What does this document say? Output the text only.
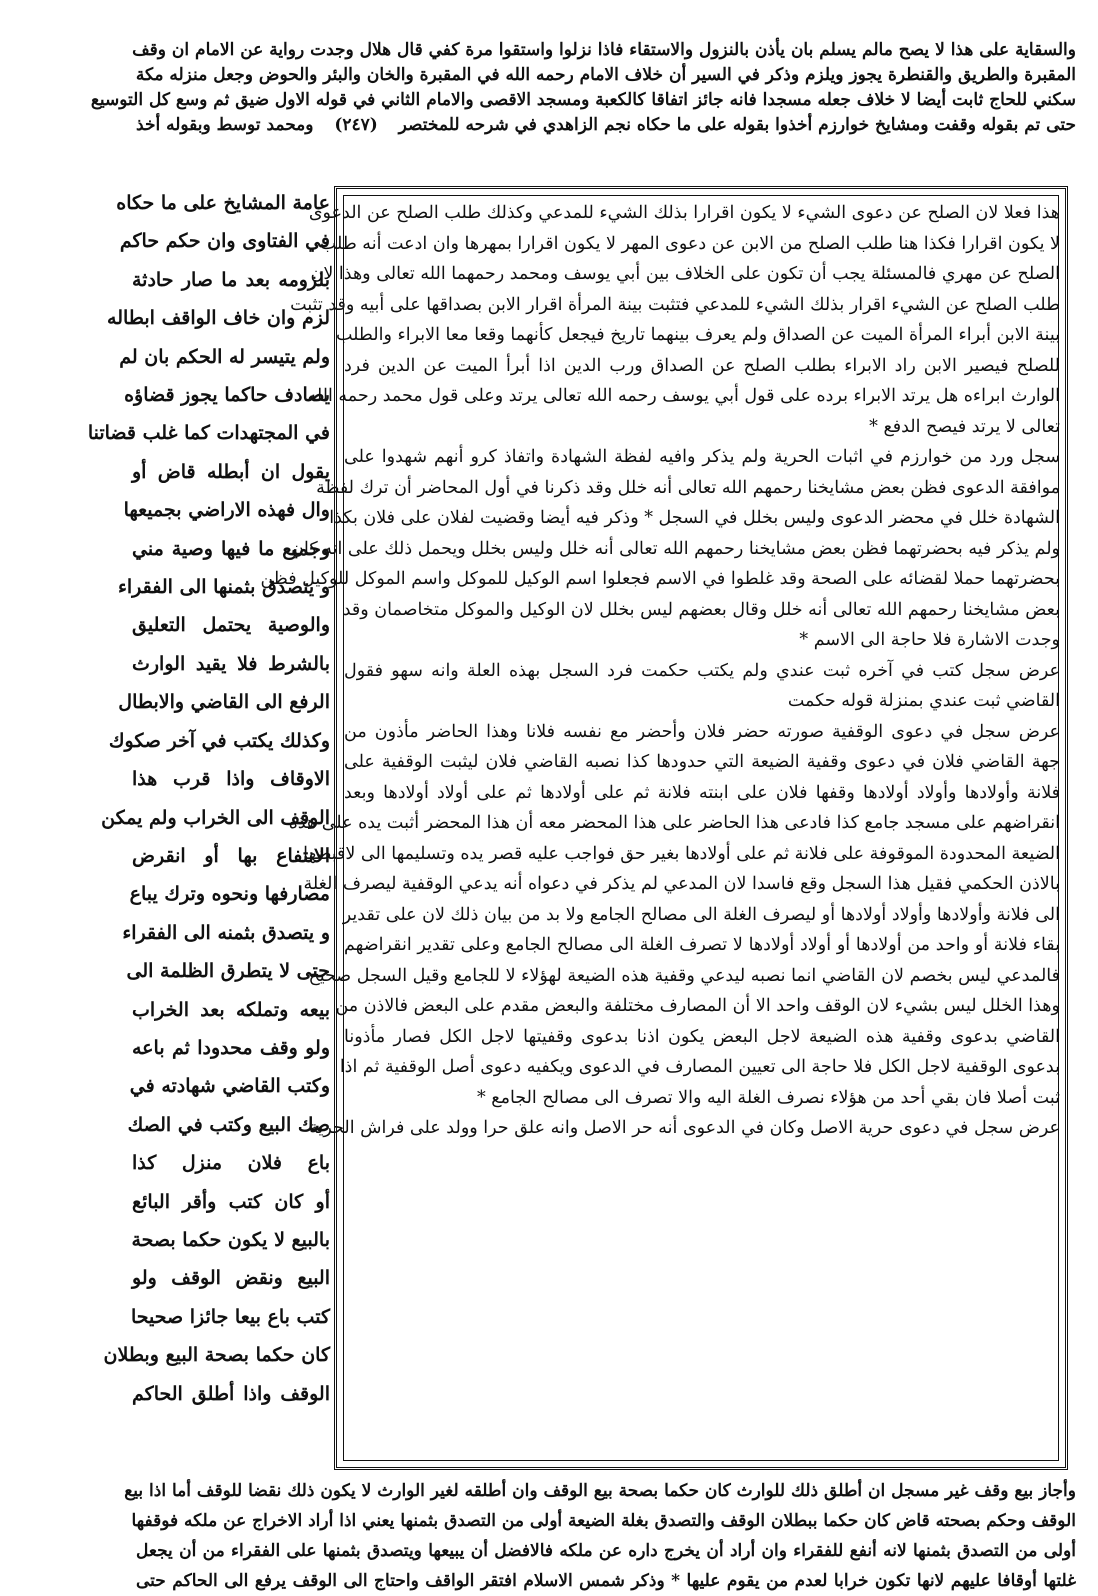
والسقاية على هذا لا يصح مالم يسلم بان يأذن بالنزول والاستقاء فاذا نزلوا واستقوا مرة كفي قال هلال وجدت رواية عن الامام ان وقف
المقبرة والطريق والقنطرة يجوز ويلزم وذكر في السير أن خلاف الامام رحمه الله في المقبرة والخان والبئر والحوض وجعل منزله مكة
سكني للحاج ثابت أيضا لا خلاف جعله مسجدا فانه جائز اتفاقا كالكعبة ومسجد الاقصى والامام الثاني في قوله الاول ضيق ثم وسع كل التوسيع
حتى تم بقوله وقفت ومشايخ خوارزم أخذوا بقوله على ما حكاه نجم الزاهدي في شرحه للمختصر
(٢٤٧)
ومحمد توسط وبقوله أخذ
عامة المشايخ على ما حكاه
في الفتاوى وان حكم حاكم
بلزومه بعد ما صار حادثة
لزم وان خاف الواقف ابطاله
ولم يتيسر له الحكم بان لم
يصادف حاكما يجوز قضاؤه
في المجتهدات كما غلب قضاتنا
يقول ان أبطله قاض أو
وال فهذه الاراضي بجميعها
وجميع ما فيها وصية مني
و يتصدق بثمنها الى الفقراء
والوصية يحتمل التعليق
بالشرط فلا يقيد الوارث
الرفع الى القاضي والابطال
وكذلك يكتب في آخر صكوك
الاوقاف واذا قرب هذا
الوقف الى الخراب ولم يمكن
الانتفاع بها أو انقرض
مصارفها ونحوه وترك يباع
و يتصدق بثمنه الى الفقراء
حتى لا يتطرق الظلمة الى
بيعه وتملكه بعد الخراب
ولو وقف محدودا ثم باعه
وكتب القاضي شهادته في
صك البيع وكتب في الصك
باع فلان منزل كذا
أو كان كتب وأقر البائع
بالبيع لا يكون حكما بصحة
البيع ونقض الوقف ولو
كتب باع بيعا جائزا صحيحا
كان حكما بصحة البيع وبطلان
الوقف واذا أطلق الحاكم
هذا فعلا لان الصلح عن دعوى الشيء لا يكون اقرارا بذلك الشيء للمدعي وكذلك طلب الصلح عن الدعوى
لا يكون اقرارا فكذا هنا طلب الصلح من الابن عن دعوى المهر لا يكون اقرارا بمهرها وان ادعت أنه طلب
الصلح عن مهري فالمسئلة يجب أن تكون على الخلاف بين أبي يوسف ومحمد رحمهما الله تعالى وهذا لان
طلب الصلح عن الشيء اقرار بذلك الشيء للمدعي فتثبت بينة المرأة اقرار الابن بصداقها على أبيه وقد تثبت
بينة الابن أبراء المرأة الميت عن الصداق ولم يعرف بينهما تاريخ فيجعل كأنهما وقعا معا الابراء والطلب
للصلح فيصير الابن راد الابراء بطلب الصلح عن الصداق ورب الدين اذا أبرأ الميت عن الدين فرد
الوارث ابراءه هل يرتد الابراء برده على قول أبي يوسف رحمه الله تعالى يرتد وعلى قول محمد رحمه الله
تعالى لا يرتد فيصح الدفع *
سجل ورد من خوارزم في اثبات الحرية ولم يذكر وافيه لفظة الشهادة واتفاذ كرو أنهم شهدوا على
موافقة الدعوى فظن بعض مشايخنا رحمهم الله تعالى أنه خلل وقد ذكرنا في أول المحاضر أن ترك لفظة
الشهادة خلل في محضر الدعوى وليس بخلل في السجل * وذكر فيه أيضا وقضيت لفلان على فلان بكذا
ولم يذكر فيه بحضرتهما فظن بعض مشايخنا رحمهم الله تعالى أنه خلل وليس بخلل ويحمل ذلك على انه كان
بحضرتهما حملا لقضائه على الصحة وقد غلطوا في الاسم فجعلوا اسم الوكيل للموكل واسم الموكل للوكيل فظن
بعض مشايخنا رحمهم الله تعالى أنه خلل وقال بعضهم ليس بخلل لان الوكيل والموكل متخاصمان وقد
وجدت الاشارة فلا حاجة الى الاسم *
عرض سجل كتب في آخره ثبت عندي ولم يكتب حكمت فرد السجل بهذه العلة وانه سهو فقول
القاضي ثبت عندي بمنزلة قوله حكمت
عرض سجل في دعوى الوقفية صورته حضر فلان وأحضر مع نفسه فلانا وهذا الحاضر مأذون من
جهة القاضي فلان في دعوى وقفية الضيعة التي حدودها كذا نصبه القاضي فلان ليثبت الوقفية على
فلانة وأولادها وأولاد أولادها وقفها فلان على ابنته فلانة ثم على أولادها ثم على أولاد أولادها وبعد
انقراضهم على مسجد جامع كذا فادعى هذا الحاضر على هذا المحضر معه أن هذا المحضر أثبت يده على هذه
الضيعة المحدودة الموقوفة على فلانة ثم على أولادها بغير حق فواجب عليه قصر يده وتسليمها الى لاقبضها
بالاذن الحكمي فقيل هذا السجل وقع فاسدا لان المدعي لم يذكر في دعواه أنه يدعي الوقفية ليصرف الغلة
الى فلانة وأولادها وأولاد أولادها أو ليصرف الغلة الى مصالح الجامع ولا بد من بيان ذلك لان على تقدير
بقاء فلانة أو واحد من أولادها أو أولاد أولادها لا تصرف الغلة الى مصالح الجامع وعلى تقدير انقراضهم
فالمدعي ليس بخصم لان القاضي انما نصبه ليدعي وقفية هذه الضيعة لهؤلاء لا للجامع وقيل السجل صحيح
وهذا الخلل ليس بشيء لان الوقف واحد الا أن المصارف مختلفة والبعض مقدم على البعض فالاذن من
القاضي بدعوى وقفية هذه الضيعة لاجل البعض يكون اذنا بدعوى وقفيتها لاجل الكل فصار مأذونا
بدعوى الوقفية لاجل الكل فلا حاجة الى تعيين المصارف في الدعوى ويكفيه دعوى أصل الوقفية ثم اذا
ثبت أصلا فان بقي أحد من هؤلاء نصرف الغلة اليه والا تصرف الى مصالح الجامع *
عرض سجل في دعوى حرية الاصل وكان في الدعوى أنه حر الاصل وانه علق حرا وولد على فراش الحرية
وأجاز بيع وقف غير مسجل ان أطلق ذلك للوارث كان حكما بصحة بيع الوقف وان أطلقه لغير الوارث لا يكون ذلك نقضا للوقف أما اذا بيع
الوقف وحكم بصحته قاض كان حكما ببطلان الوقف والتصدق بغلة الضيعة أولى من التصدق بثمنها يعني اذا أراد الاخراج عن ملكه فوقفها
أولى من التصدق بثمنها لانه أنفع للفقراء وان أراد أن يخرج داره عن ملكه فالافضل أن يبيعها ويتصدق بثمنها على الفقراء من أن يجعل
غلتها أوقافا عليهم لانها تكون خرابا لعدم من يقوم عليها * وذكر شمس الاسلام افتقر الواقف واحتاج الى الوقف يرفع الى الحاكم حتى
